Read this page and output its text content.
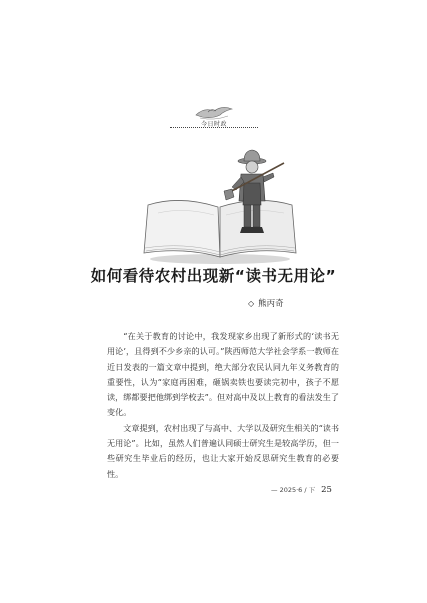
今日时政
如何看待农村出现新“读书无用论”
◇ 熊丙奇

“在关于教育的讨论中，我发现家乡出现了新形式的‘读书无用论’，且得到不少乡亲的认可。”陕西师范大学社会学系一教师在近日发表的一篇文章中提到，绝大部分农民认同九年义务教育的重要性，认为“家庭再困难，砸锅卖铁也要读完初中，孩子不愿读，绑都要把他绑到学校去”。但对高中及以上教育的看法发生了变化。

文章提到，农村出现了与高中、大学以及研究生相关的“读书无用论”。比如，虽然人们普遍认同硕士研究生是较高学历，但一些研究生毕业后的经历，也让大家开始反思研究生教育的必要性。

— 2025·6 / 下 25
